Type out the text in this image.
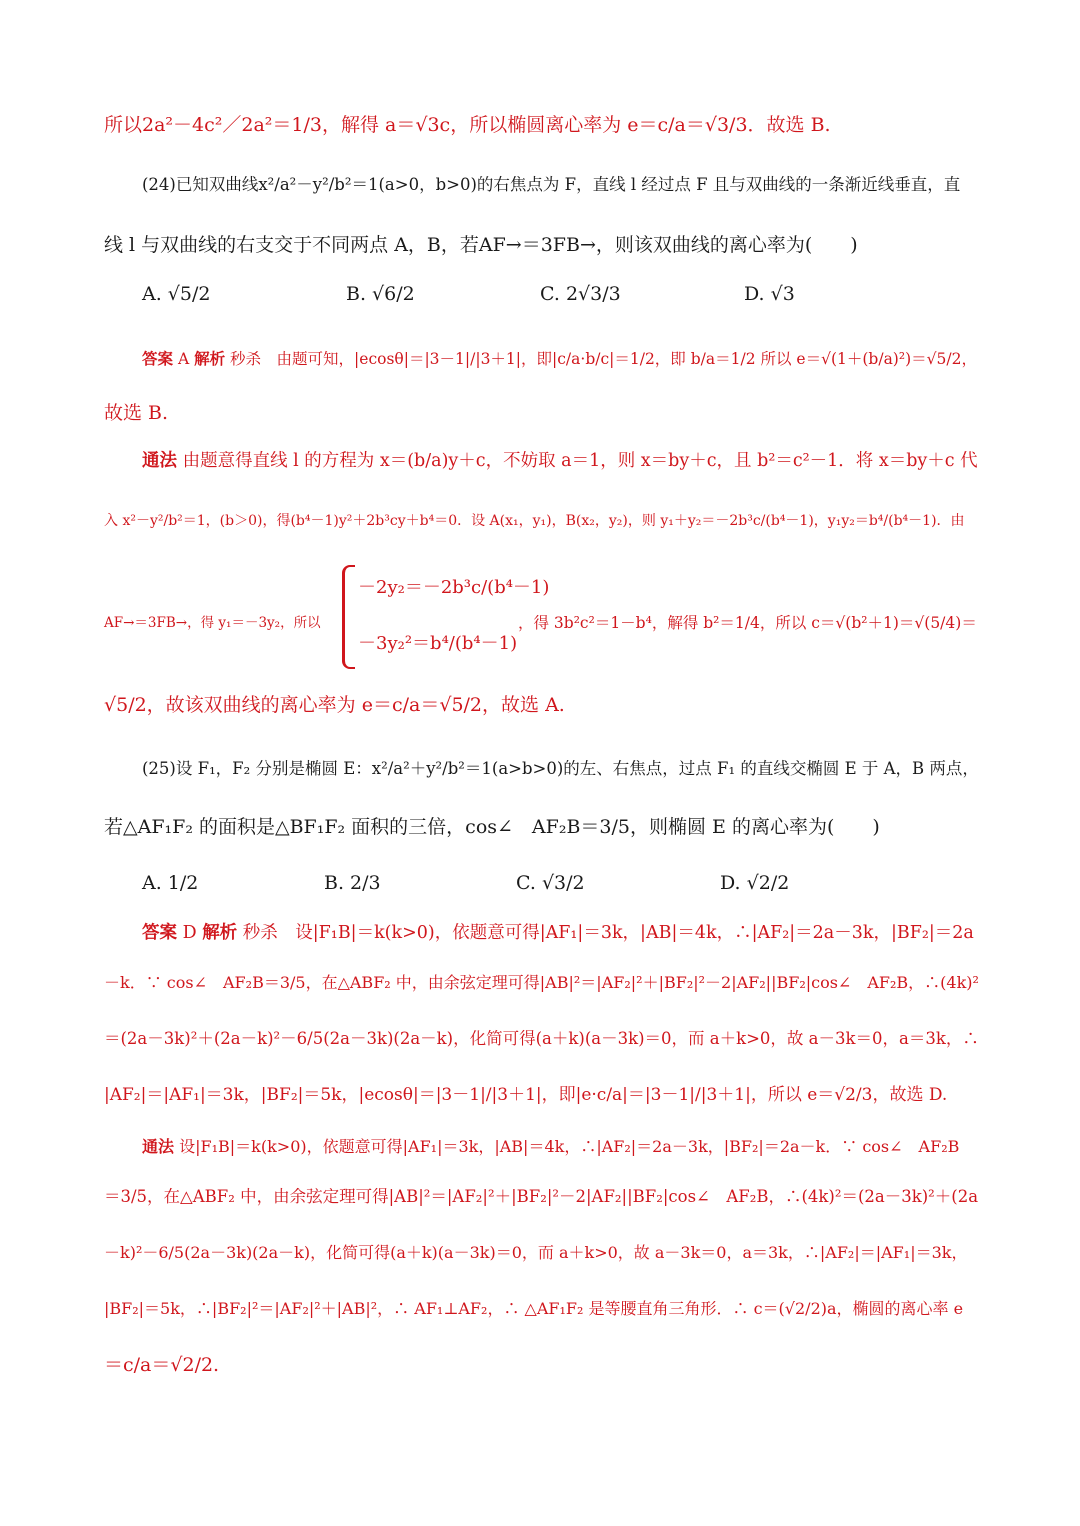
所以2a²－4c²／2a²＝1/3，解得 a＝√3c，所以椭圆离心率为 e＝c/a＝√3/3．故选 B.
(24)已知双曲线x²/a²－y²/b²＝1(a>0，b>0)的右焦点为 F，直线 l 经过点 F 且与双曲线的一条渐近线垂直，直
线 l 与双曲线的右支交于不同两点 A，B，若AF→＝3FB→，则该双曲线的离心率为(　　)
A. √5/2	B. √6/2	C. 2√3/3	D. √3
答案 A 解析 秒杀　由题可知，|ecosθ|＝|3－1|/|3＋1|，即|c/a·b/c|＝1/2，即 b/a＝1/2 所以 e＝√(1＋(b/a)²)＝√5/2，
故选 B.
通法 由题意得直线 l 的方程为 x＝(b/a)y＋c，不妨取 a＝1，则 x＝by＋c，且 b²＝c²－1．将 x＝by＋c 代
入 x²－y²/b²＝1，(b＞0)，得(b⁴－1)y²＋2b³cy＋b⁴＝0．设 A(x₁，y₁)，B(x₂，y₂)，则 y₁＋y₂＝－2b³c/(b⁴－1)，y₁y₂＝b⁴/(b⁴－1)．由
AF→＝3FB→，得 y₁＝－3y₂，所以
－2y₂＝－2b³c/(b⁴－1)
－3y₂²＝b⁴/(b⁴－1)
，得 3b²c²＝1－b⁴，解得 b²＝1/4，所以 c＝√(b²＋1)＝√(5/4)＝
√5/2，故该双曲线的离心率为 e＝c/a＝√5/2，故选 A.
(25)设 F₁，F₂ 分别是椭圆 E：x²/a²＋y²/b²＝1(a>b>0)的左、右焦点，过点 F₁ 的直线交椭圆 E 于 A，B 两点，
若△AF₁F₂ 的面积是△BF₁F₂ 面积的三倍，cos∠　AF₂B＝3/5，则椭圆 E 的离心率为(　　)
A. 1/2	B. 2/3	C. √3/2	D. √2/2
答案 D 解析 秒杀　设|F₁B|＝k(k>0)，依题意可得|AF₁|＝3k，|AB|＝4k，∴|AF₂|＝2a－3k，|BF₂|＝2a
－k．∵ cos∠　AF₂B＝3/5，在△ABF₂ 中，由余弦定理可得|AB|²＝|AF₂|²＋|BF₂|²－2|AF₂||BF₂|cos∠　AF₂B，∴(4k)²
＝(2a－3k)²＋(2a－k)²－6/5(2a－3k)(2a－k)，化简可得(a＋k)(a－3k)＝0，而 a＋k>0，故 a－3k＝0，a＝3k，∴
|AF₂|＝|AF₁|＝3k，|BF₂|＝5k，|ecosθ|＝|3－1|/|3＋1|，即|e·c/a|＝|3－1|/|3＋1|，所以 e＝√2/3，故选 D.
通法 设|F₁B|＝k(k>0)，依题意可得|AF₁|＝3k，|AB|＝4k，∴|AF₂|＝2a－3k，|BF₂|＝2a－k．∵ cos∠　AF₂B
＝3/5，在△ABF₂ 中，由余弦定理可得|AB|²＝|AF₂|²＋|BF₂|²－2|AF₂||BF₂|cos∠　AF₂B，∴(4k)²＝(2a－3k)²＋(2a
－k)²－6/5(2a－3k)(2a－k)，化简可得(a＋k)(a－3k)＝0，而 a＋k>0，故 a－3k＝0，a＝3k，∴|AF₂|＝|AF₁|＝3k，
|BF₂|＝5k，∴|BF₂|²＝|AF₂|²＋|AB|²，∴ AF₁⊥AF₂，∴ △AF₁F₂ 是等腰直角三角形．∴ c＝(√2/2)a，椭圆的离心率 e
＝c/a＝√2/2.
